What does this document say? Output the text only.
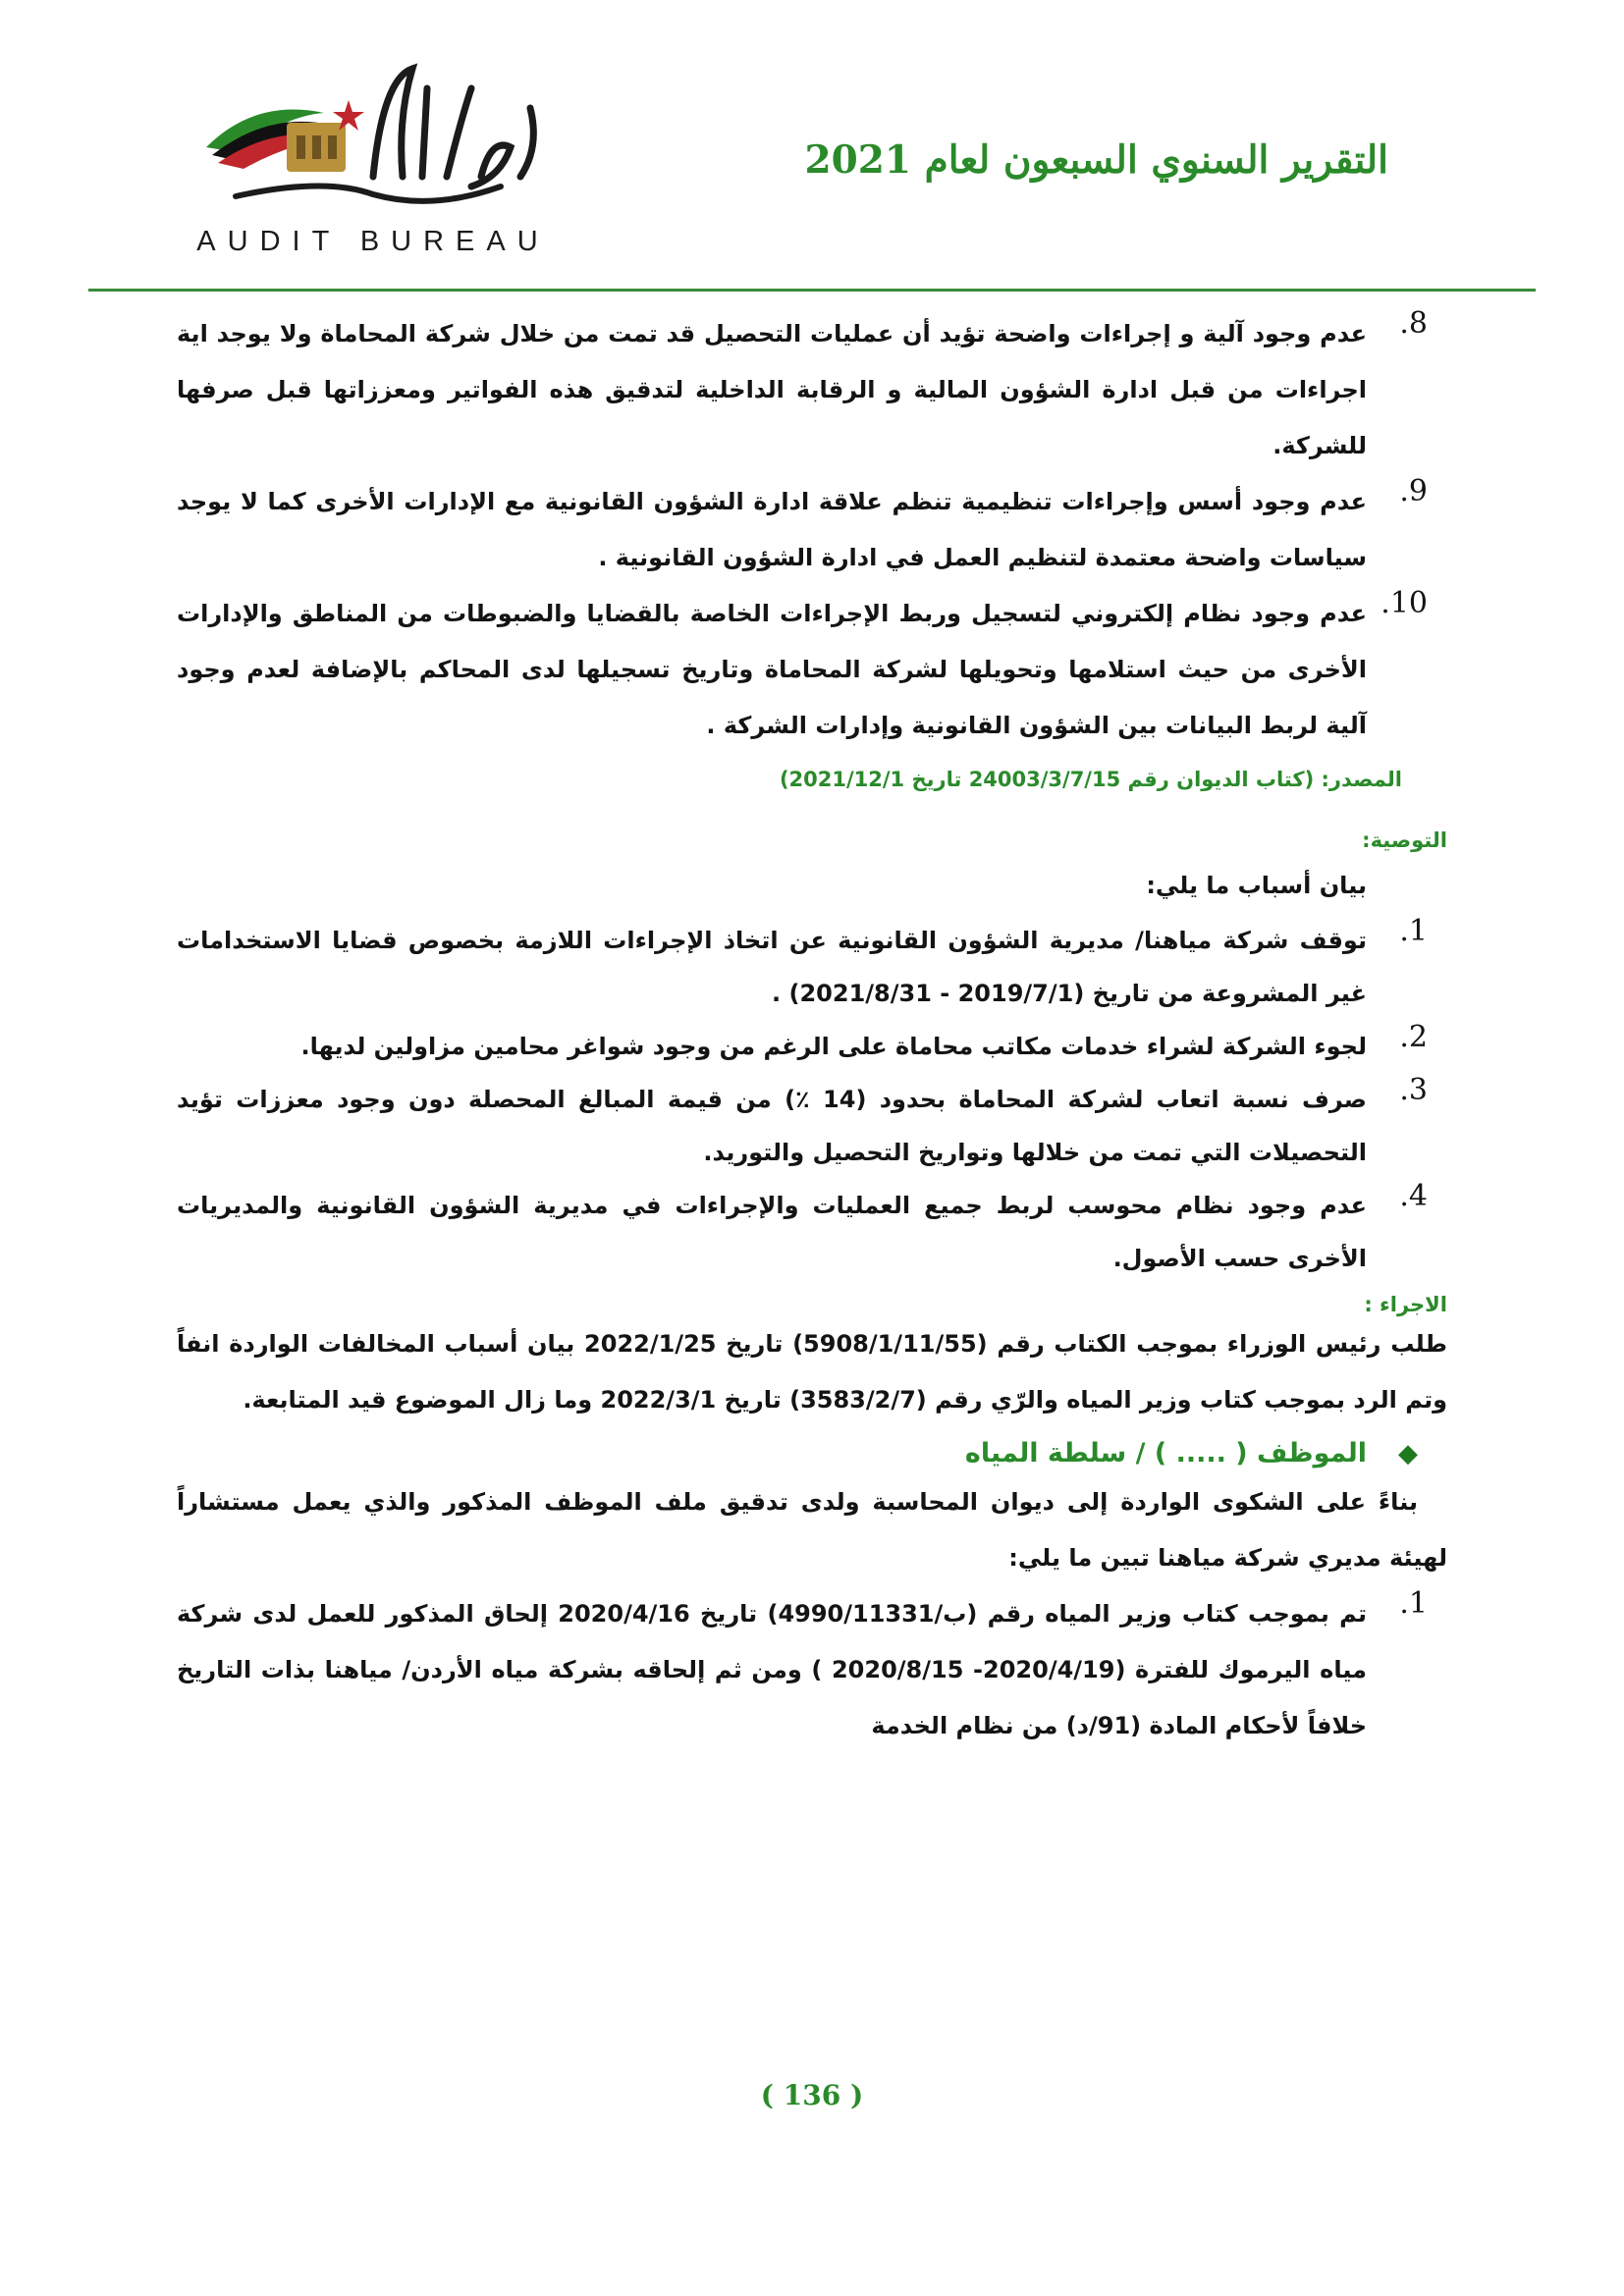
AUDIT BUREAU
التقرير السنوي السبعون لعام 2021
8.
عدم وجود آلية و إجراءات واضحة تؤيد أن عمليات التحصيل قد تمت من خلال شركة المحاماة ولا يوجد اية اجراءات من قبل ادارة الشؤون المالية و الرقابة الداخلية لتدقيق هذه الفواتير ومعززاتها قبل صرفها للشركة.
9.
عدم وجود أسس وإجراءات تنظيمية تنظم علاقة ادارة الشؤون القانونية مع الإدارات الأخرى كما لا يوجد سياسات واضحة معتمدة لتنظيم العمل في ادارة الشؤون القانونية .
10.
عدم وجود نظام إلكتروني لتسجيل وربط الإجراءات الخاصة بالقضايا والضبوطات من المناطق والإدارات الأخرى من حيث استلامها وتحويلها لشركة المحاماة وتاريخ تسجيلها لدى المحاكم بالإضافة لعدم وجود آلية لربط البيانات بين الشؤون القانونية وإدارات الشركة .
المصدر: (كتاب الديوان رقم 24003/3/7/15 تاريخ 2021/12/1)
التوصية:
بيان أسباب ما يلي:
1.
توقف شركة مياهنا/ مديرية الشؤون القانونية عن اتخاذ الإجراءات اللازمة بخصوص قضايا الاستخدامات غير المشروعة من تاريخ (2019/7/1 - 2021/8/31) .
2.
لجوء الشركة لشراء خدمات مكاتب محاماة على الرغم من وجود شواغر محامين مزاولين لديها.
3.
صرف نسبة اتعاب لشركة المحاماة بحدود (14 ٪) من قيمة المبالغ المحصلة دون وجود معززات تؤيد التحصيلات التي تمت من خلالها وتواريخ التحصيل والتوريد.
4.
عدم وجود نظام محوسب لربط جميع العمليات والإجراءات في مديرية الشؤون القانونية والمديريات الأخرى حسب الأصول.
الاجراء :
طلب رئيس الوزراء بموجب الكتاب رقم (5908/1/11/55) تاريخ 2022/1/25 بيان أسباب المخالفات الواردة انفاً وتم الرد بموجب كتاب وزير المياه والرّي رقم (3583/2/7) تاريخ 2022/3/1 وما زال الموضوع قيد المتابعة.
◆
الموظف ( ..... ) / سلطة المياه
بناءً على الشكوى الواردة إلى ديوان المحاسبة ولدى تدقيق ملف الموظف المذكور والذي يعمل مستشاراً لهيئة مديري شركة مياهنا تبين ما يلي:
1.
تم بموجب كتاب وزير المياه رقم (ب/4990/11331) تاريخ 2020/4/16 إلحاق المذكور للعمل لدى شركة مياه اليرموك للفترة (2020/4/19- 2020/8/15 ) ومن ثم إلحاقه بشركة مياه الأردن/ مياهنا بذات التاريخ خلافاً لأحكام المادة (91/د) من نظام الخدمة
( 136 )
